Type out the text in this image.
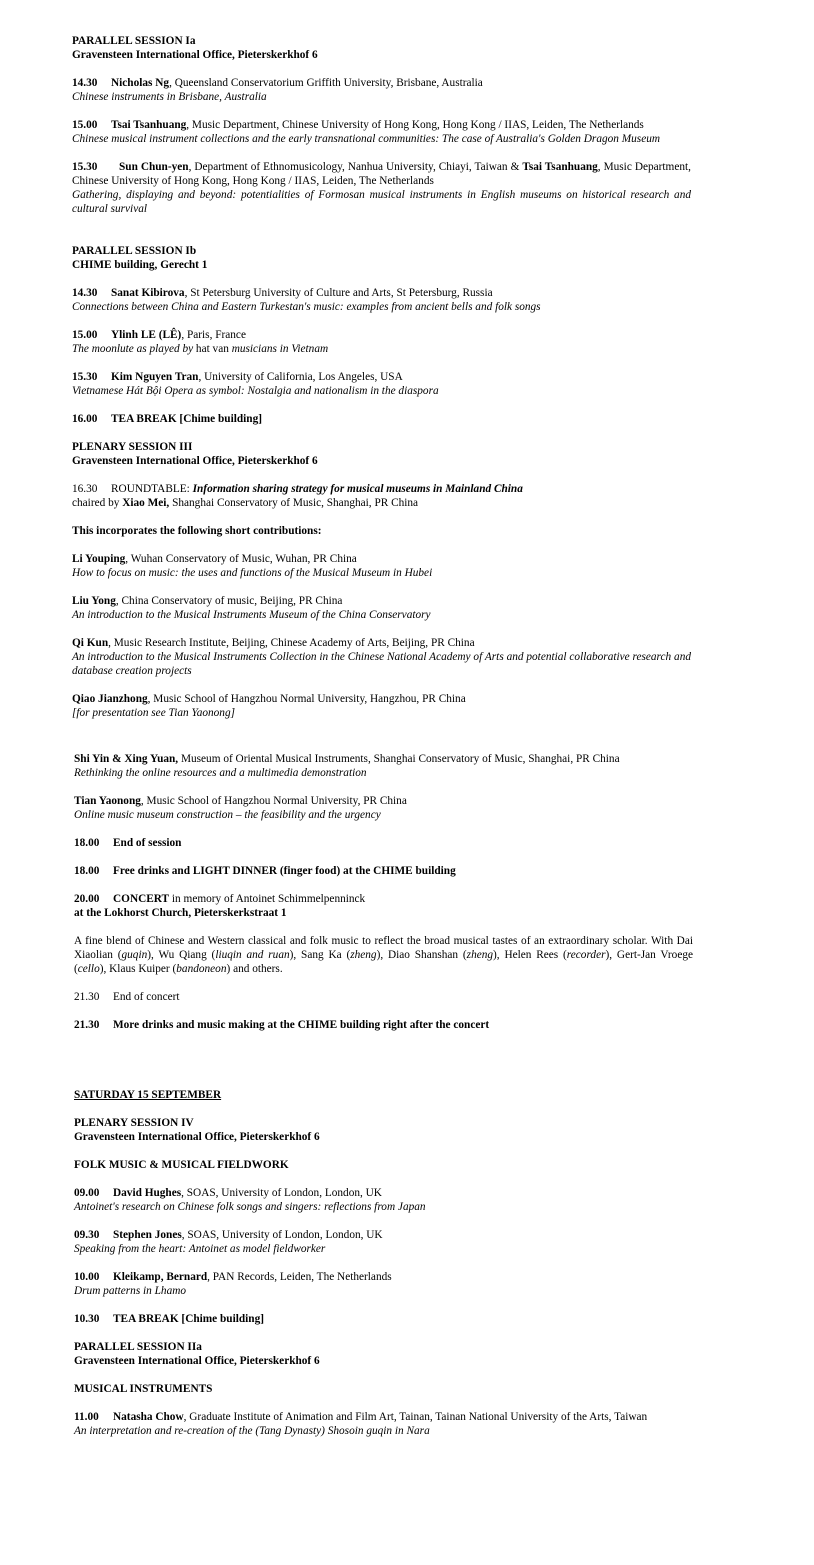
PARALLEL SESSION Ia
Gravensteen International Office, Pieterskerkhof 6
14.30 Nicholas Ng, Queensland Conservatorium Griffith University, Brisbane, Australia
Chinese instruments in Brisbane, Australia
15.00 Tsai Tsanhuang, Music Department, Chinese University of Hong Kong, Hong Kong / IIAS, Leiden, The Netherlands
Chinese musical instrument collections and the early transnational communities: The case of Australia's Golden Dragon Museum
15.30 Sun Chun-yen, Department of Ethnomusicology, Nanhua University, Chiayi, Taiwan & Tsai Tsanhuang, Music Department, Chinese University of Hong Kong, Hong Kong / IIAS, Leiden, The Netherlands
Gathering, displaying and beyond: potentialities of Formosan musical instruments in English museums on historical research and cultural survival
PARALLEL SESSION Ib
CHIME building, Gerecht 1
14.30 Sanat Kibirova, St Petersburg University of Culture and Arts, St Petersburg, Russia
Connections between China and Eastern Turkestan's music: examples from ancient bells and folk songs
15.00 Ylinh LE (LÊ), Paris, France
The moonlute as played by hat van musicians in Vietnam
15.30 Kim Nguyen Tran, University of California, Los Angeles, USA
Vietnamese Hát Bội Opera as symbol: Nostalgia and nationalism in the diaspora
16.00 TEA BREAK [Chime building]
PLENARY SESSION III
Gravensteen International Office, Pieterskerkhof 6
16.30 ROUNDTABLE: Information sharing strategy for musical museums in Mainland China
chaired by Xiao Mei, Shanghai Conservatory of Music, Shanghai, PR China
This incorporates the following short contributions:
Li Youping, Wuhan Conservatory of Music, Wuhan, PR China
How to focus on music: the uses and functions of the Musical Museum in Hubei
Liu Yong, China Conservatory of music, Beijing, PR China
An introduction to the Musical Instruments Museum of the China Conservatory
Qi Kun, Music Research Institute, Beijing, Chinese Academy of Arts, Beijing, PR China
An introduction to the Musical Instruments Collection in the Chinese National Academy of Arts and potential collaborative research and database creation projects
Qiao Jianzhong, Music School of Hangzhou Normal University, Hangzhou, PR China
[for presentation see Tian Yaonong]
Shi Yin & Xing Yuan, Museum of Oriental Musical Instruments, Shanghai Conservatory of Music, Shanghai, PR China
Rethinking the online resources and a multimedia demonstration
Tian Yaonong, Music School of Hangzhou Normal University, PR China
Online music museum construction – the feasibility and the urgency
18.00 End of session
18.00 Free drinks and LIGHT DINNER (finger food) at the CHIME building
20.00 CONCERT in memory of Antoinet Schimmelpenninck
at the Lokhorst Church, Pieterskerkstraat 1
A fine blend of Chinese and Western classical and folk music to reflect the broad musical tastes of an extraordinary scholar. With Dai Xiaolian (guqin), Wu Qiang (liuqin and ruan), Sang Ka (zheng), Diao Shanshan (zheng), Helen Rees (recorder), Gert-Jan Vroege (cello), Klaus Kuiper (bandoneon) and others.
21.30 End of concert
21.30 More drinks and music making at the CHIME building right after the concert
SATURDAY 15 SEPTEMBER
PLENARY SESSION IV
Gravensteen International Office, Pieterskerkhof 6
FOLK MUSIC & MUSICAL FIELDWORK
09.00 David Hughes, SOAS, University of London, London, UK
Antoinet's research on Chinese folk songs and singers: reflections from Japan
09.30 Stephen Jones, SOAS, University of London, London, UK
Speaking from the heart: Antoinet as model fieldworker
10.00 Kleikamp, Bernard, PAN Records, Leiden, The Netherlands
Drum patterns in Lhamo
10.30 TEA BREAK [Chime building]
PARALLEL SESSION IIa
Gravensteen International Office, Pieterskerkhof 6
MUSICAL INSTRUMENTS
11.00 Natasha Chow, Graduate Institute of Animation and Film Art, Tainan, Tainan National University of the Arts, Taiwan
An interpretation and re-creation of the (Tang Dynasty) Shosoin guqin in Nara
